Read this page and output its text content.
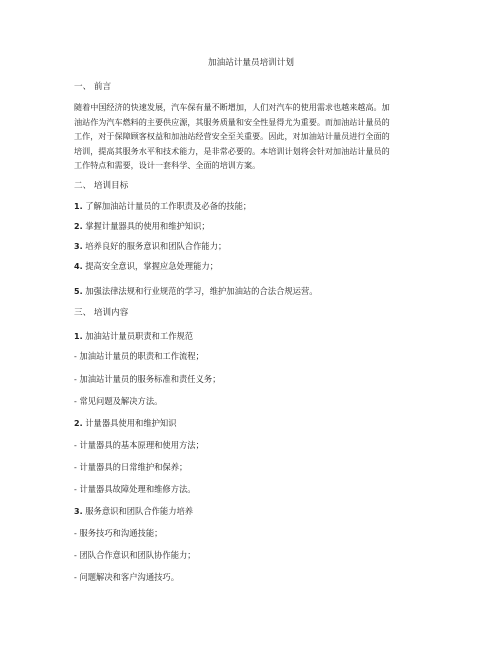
加油站计量员培训计划
一、 前言
随着中国经济的快速发展，汽车保有量不断增加，人们对汽车的使用需求也越来越高。加
油站作为汽车燃料的主要供应源，其服务质量和安全性显得尤为重要。而加油站计量员的
工作，对于保障顾客权益和加油站经营安全至关重要。因此，对加油站计量员进行全面的
培训，提高其服务水平和技术能力，是非常必要的。本培训计划将会针对加油站计量员的
工作特点和需要，设计一套科学、全面的培训方案。
二、 培训目标
1. 了解加油站计量员的工作职责及必备的技能；
2. 掌握计量器具的使用和维护知识；
3. 培养良好的服务意识和团队合作能力；
4. 提高安全意识，掌握应急处理能力；
5. 加强法律法规和行业规范的学习，维护加油站的合法合规运营。
三、 培训内容
1. 加油站计量员职责和工作规范
- 加油站计量员的职责和工作流程；
- 加油站计量员的服务标准和责任义务；
- 常见问题及解决方法。
2. 计量器具使用和维护知识
- 计量器具的基本原理和使用方法；
- 计量器具的日常维护和保养；
- 计量器具故障处理和维修方法。
3. 服务意识和团队合作能力培养
- 服务技巧和沟通技能；
- 团队合作意识和团队协作能力；
- 问题解决和客户沟通技巧。
